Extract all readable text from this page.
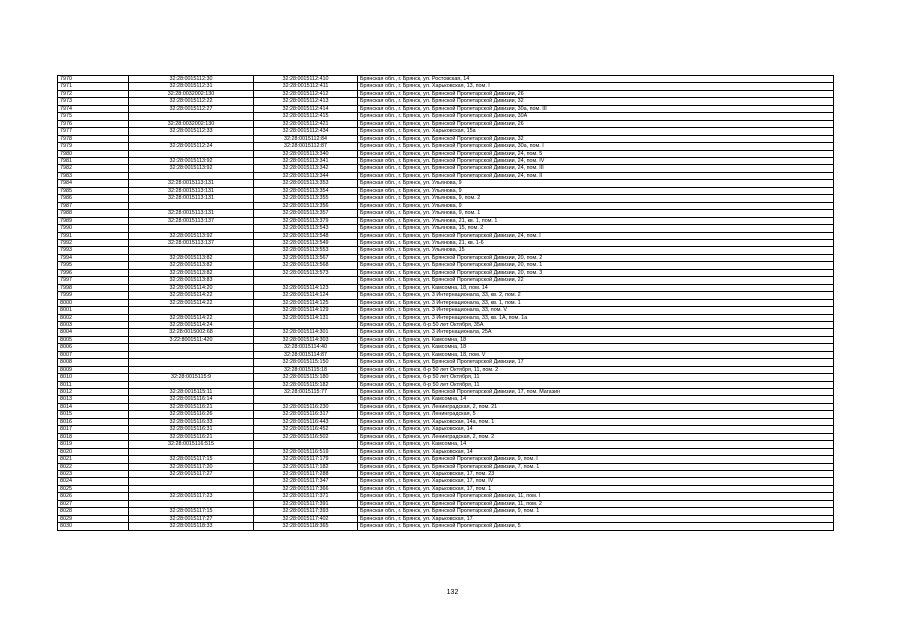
7970	32:28:0015112:30	32:28:0015112:410	Брянская обл., г. Брянск, ул. Ростовская, 14
7971	32:28:0015112:31	32:28:0015112:411	Брянская обл., г. Брянск, ул. Харьковская, 13, пом. I
7972	32:28:0032002:130	32:28:0015112:412	Брянская обл., г. Брянск, ул. Брянской Пролетарской Дивизии, 26
7973	32:28:0015112:22	32:28:0015112:413	Брянская обл., г. Брянск, ул. Брянской Пролетарской Дивизии, 32
7974	32:28:0015112:27	32:28:0015112:414	Брянская обл., г. Брянск, ул. Брянской Пролетарской Дивизии, 30а, пом. III
7975		32:28:0015112:415	Брянская обл., г. Брянск, ул. Брянской Пролетарской Дивизии, 30А
7976	32:28:0032002:130	32:28:0015112:421	Брянская обл., г. Брянск, ул. Брянской Пролетарской Дивизии, 26
7977	32:28:0015112:33	32:28:0015112:434	Брянская обл., г. Брянск, ул. Харьковская, 15а
7978		32:28:0015112:84	Брянская обл., г. Брянск, ул. Брянской Пролетарской Дивизии, 32
7979	32:28:0015112:24	32:28:0015112:87	Брянская обл., г. Брянск, ул. Брянской Пролетарской Дивизии, 30а, пом. I
7980		32:28:0015113:340	Брянская обл., г. Брянск, ул. Брянской Пролетарской Дивизии, 24, пом. 5
7981	32:28:0015113:92	32:28:0015113:341	Брянская обл., г. Брянск, ул. Брянской Пролетарской Дивизии, 24, пом. IV
7982	32:28:0015113:92	32:28:0015113:342	Брянская обл., г. Брянск, ул. Брянской Пролетарской Дивизии, 24, пом. III
7983		32:28:0015113:344	Брянская обл., г. Брянск, ул. Брянской Пролетарской Дивизии, 24, пом. II
7984	32:28:0015113:131	32:28:0015113:353	Брянская обл., г. Брянск, ул. Ульянова, 9
7985	32:28:0015113:131	32:28:0015113:354	Брянская обл., г. Брянск, ул. Ульянова, 9
7986	32:28:0015113:131	32:28:0015113:355	Брянская обл., г. Брянск, ул. Ульянова, 9, пом. 2
7987		32:28:0015113:356	Брянская обл., г. Брянск, ул. Ульянова, 9
7988	32:28:0015113:131	32:28:0015113:357	Брянская обл., г. Брянск, ул. Ульянова, 9, пом. 1
7989	32:28:0015113:137	32:28:0015113:379	Брянская обл., г. Брянск, ул. Ульянова, 21, кв. 1, пом. 1
7990		32:28:0015113:543	Брянская обл., г. Брянск, ул. Ульянова, 15, пом. 2
7991	32:28:0015113:92	32:28:0015113:548	Брянская обл., г. Брянск, ул. Брянской Пролетарской Дивизии, 24, пом. I
7992	32:28:0015113:137	32:28:0015113:549	Брянская обл., г. Брянск, ул. Ульянова, 21, кв. 1-6
7993		32:28:0015113:553	Брянская обл., г. Брянск, ул. Ульянова, 15
7994	32:28:0015113:82	32:28:0015113:567	Брянская обл., г. Брянск, ул. Брянской Пролетарской Дивизии, 20, пом. 2
7995	32:28:0015113:82	32:28:0015113:568	Брянская обл., г. Брянск, ул. Брянской Пролетарской Дивизии, 20, пом. 1
7996	32:28:0015113:82	32:28:0015113:573	Брянская обл., г. Брянск, ул. Брянской Пролетарской Дивизии, 20, пом. 3
7997	32:28:0015113:83		Брянская обл., г. Брянск, ул. Брянской Пролетарской Дивизии, 22
7998	32:28:0015114:20	32:28:0015114:123	Брянская обл., г. Брянск, ул. Камсомна, 18, пом. 14
7999	32:28:0015114:22	32:28:0015114:124	Брянская обл., г. Брянск, ул. 3 Интернационала, 33, кв. 2, пом. 2
8000	32:28:0015114:22	32:28:0015114:125	Брянская обл., г. Брянск, ул. 3 Интернационала, 33, кв. 1, пом. 1
8001		32:28:0015114:129	Брянская обл., г. Брянск, ул. 3 Интернационала, 33, пом. V
8002	32:28:0015114:22	32:28:0015114:131	Брянская обл., г. Брянск, ул. 3 Интернационала, 33, кв. 1А, пом. 1а
8003	32:28:0015114:24		Брянская обл., г. Брянск, б-р 50 лет Октября, 35А
8004	32:28:0015002:68	32:28:0015114:301	Брянская обл., г. Брянск, ул. 3 Интернационала, 25А
8005	3:22:8001511:420	32:28:0015114:303	Брянская обл., г. Брянск, ул. Камсомна, 18
8006		32:28:0015114:40	Брянская обл., г. Брянск, ул. Камсомна, 18
8007		32:28:0015114:87	Брянская обл., г. Брянск, ул. Камсомна, 18, пом. V
8008		32:28:0015115:150	Брянская обл., г. Брянск, ул. Брянской Пролетарской Дивизии, 17
8009		32:28:0015115:18	Брянская обл., г. Брянск, б-р 50 лет Октября, 11, пом. 2
8010	32:28:0015115:9	32:28:0015115:180	Брянская обл., г. Брянск, б-р 50 лет Октября, 11
8011		32:28:0015115:182	Брянская обл., г. Брянск, б-р 50 лет Октября, 11
8012	32:28:0015115:11	32:28:0015115:77	Брянская обл., г. Брянск, ул. Брянской Пролетарской Дивизии, 17, пом. Магазин
8013	32:28:0015116:14		Брянская обл., г. Брянск, ул. Камсомна, 14
8014	32:28:0015116:21	32:28:0015116:230	Брянская обл., г. Брянск, ул. Ленинградская, 2, пом. 21
8015	32:28:0015116:26	32:28:0015116:317	Брянская обл., г. Брянск, ул. Ленинградская, 5
8016	32:28:0015116:33	32:28:0015116:443	Брянская обл., г. Брянск, ул. Харьковская, 14а, пом. 1
8017	32:28:0015116:31	32:28:0015116:452	Брянская обл., г. Брянск, ул. Харьковская, 14
8018	32:28:0015116:21	32:28:0015116:502	Брянская обл., г. Брянск, ул. Ленинградская, 2, пом. 2
8019	32:28:0015116:515		Брянская обл., г. Брянск, ул. Камсомна, 14
8020		32:28:0015116:519	Брянская обл., г. Брянск, ул. Харьковская, 14
8021	32:28:0015117:15	32:28:0015117:179	Брянская обл., г. Брянск, ул. Брянской Пролетарской Дивизии, 9, пом. I
8022	32:28:0015117:20	32:28:0015117:182	Брянская обл., г. Брянск, ул. Брянской Пролетарской Дивизии, 7, пом. 1
8023	32:28:0015117:27	32:28:0015117:288	Брянская обл., г. Брянск, ул. Харьковская, 17, пом. 23
8024		32:28:0015117:347	Брянская обл., г. Брянск, ул. Харьковская, 17, пом. IV
8025		32:28:0015117:366	Брянская обл., г. Брянск, ул. Харьковская, 17, пом. 1
8026	32:28:0015117:23	32:28:0015117:371	Брянская обл., г. Брянск, ул. Брянской Пролетарской Дивизии, 11, пом. I
8027		32:28:0015117:391	Брянская обл., г. Брянск, ул. Брянской Пролетарской Дивизии, 11, пом. 2
8028	32:28:0015117:15	32:28:0015117:393	Брянская обл., г. Брянск, ул. Брянской Пролетарской Дивизии, 9, пом. 1
8029	32:28:0015117:27	32:28:0015117:402	Брянская обл., г. Брянск, ул. Харьковская, 17
8030	32:28:0015118:33	32:28:0015118:365	Брянская обл., г. Брянск, ул. Брянской Пролетарской Дивизии, 5
132
